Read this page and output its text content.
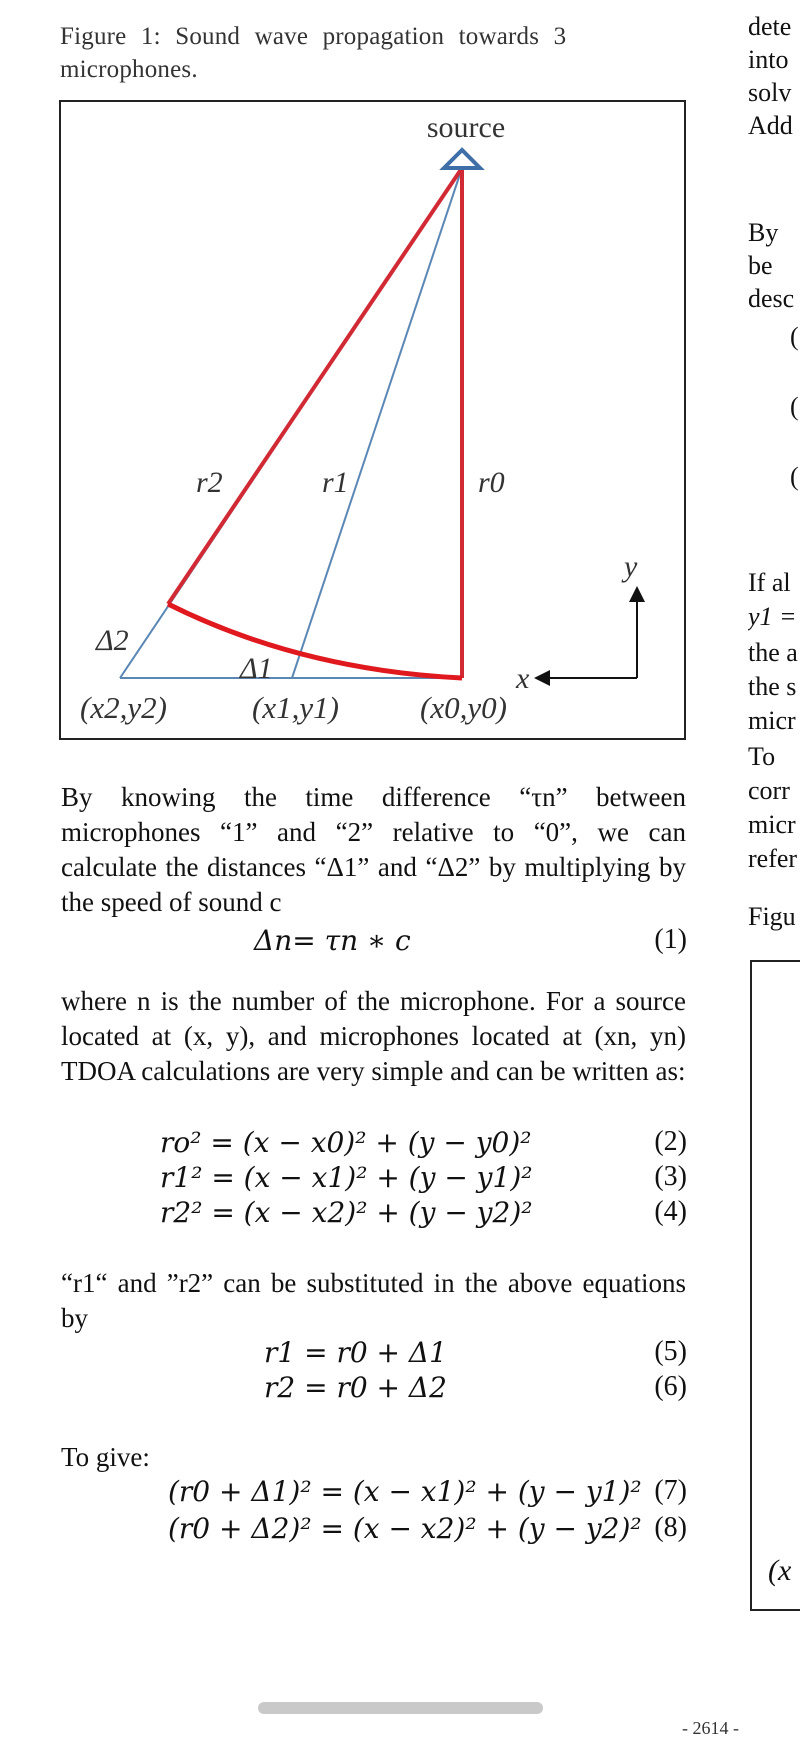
Figure 1: Sound wave propagation towards 3
microphones.
source
r2	r1	r0
Δ2
Δ1
y
x
(x2,y2)	(x1,y1)	(x0,y0)
By knowing the time difference “τn” between microphones “1” and “2” relative to “0”, we can calculate the distances “Δ1” and “Δ2” by multiplying by the speed of sound c
Δn= τn ∗ c	(1)
where n is the number of the microphone. For a source located at (x, y), and microphones located at (xn, yn) TDOA calculations are very simple and can be written as:
ro² = (x − x0)² + (y − y0)²	(2)
r1² = (x − x1)² + (y − y1)²	(3)
r2² = (x − x2)² + (y − y2)²	(4)
“r1“ and ”r2” can be substituted in the above equations by
r1 = r0 + Δ1	(5)
r2 = r0 + Δ2	(6)
To give:
(r0 + Δ1)² = (x − x1)² + (y − y1)² (7)
(r0 + Δ2)² = (x − x2)² + (y − y2)² (8)
dete
into
solv
Add
By
be
desc
(
(
(
If al
y1 =
the a
the s
micr
To
corr
micr
refer
Figu
(x
- 2614 -
